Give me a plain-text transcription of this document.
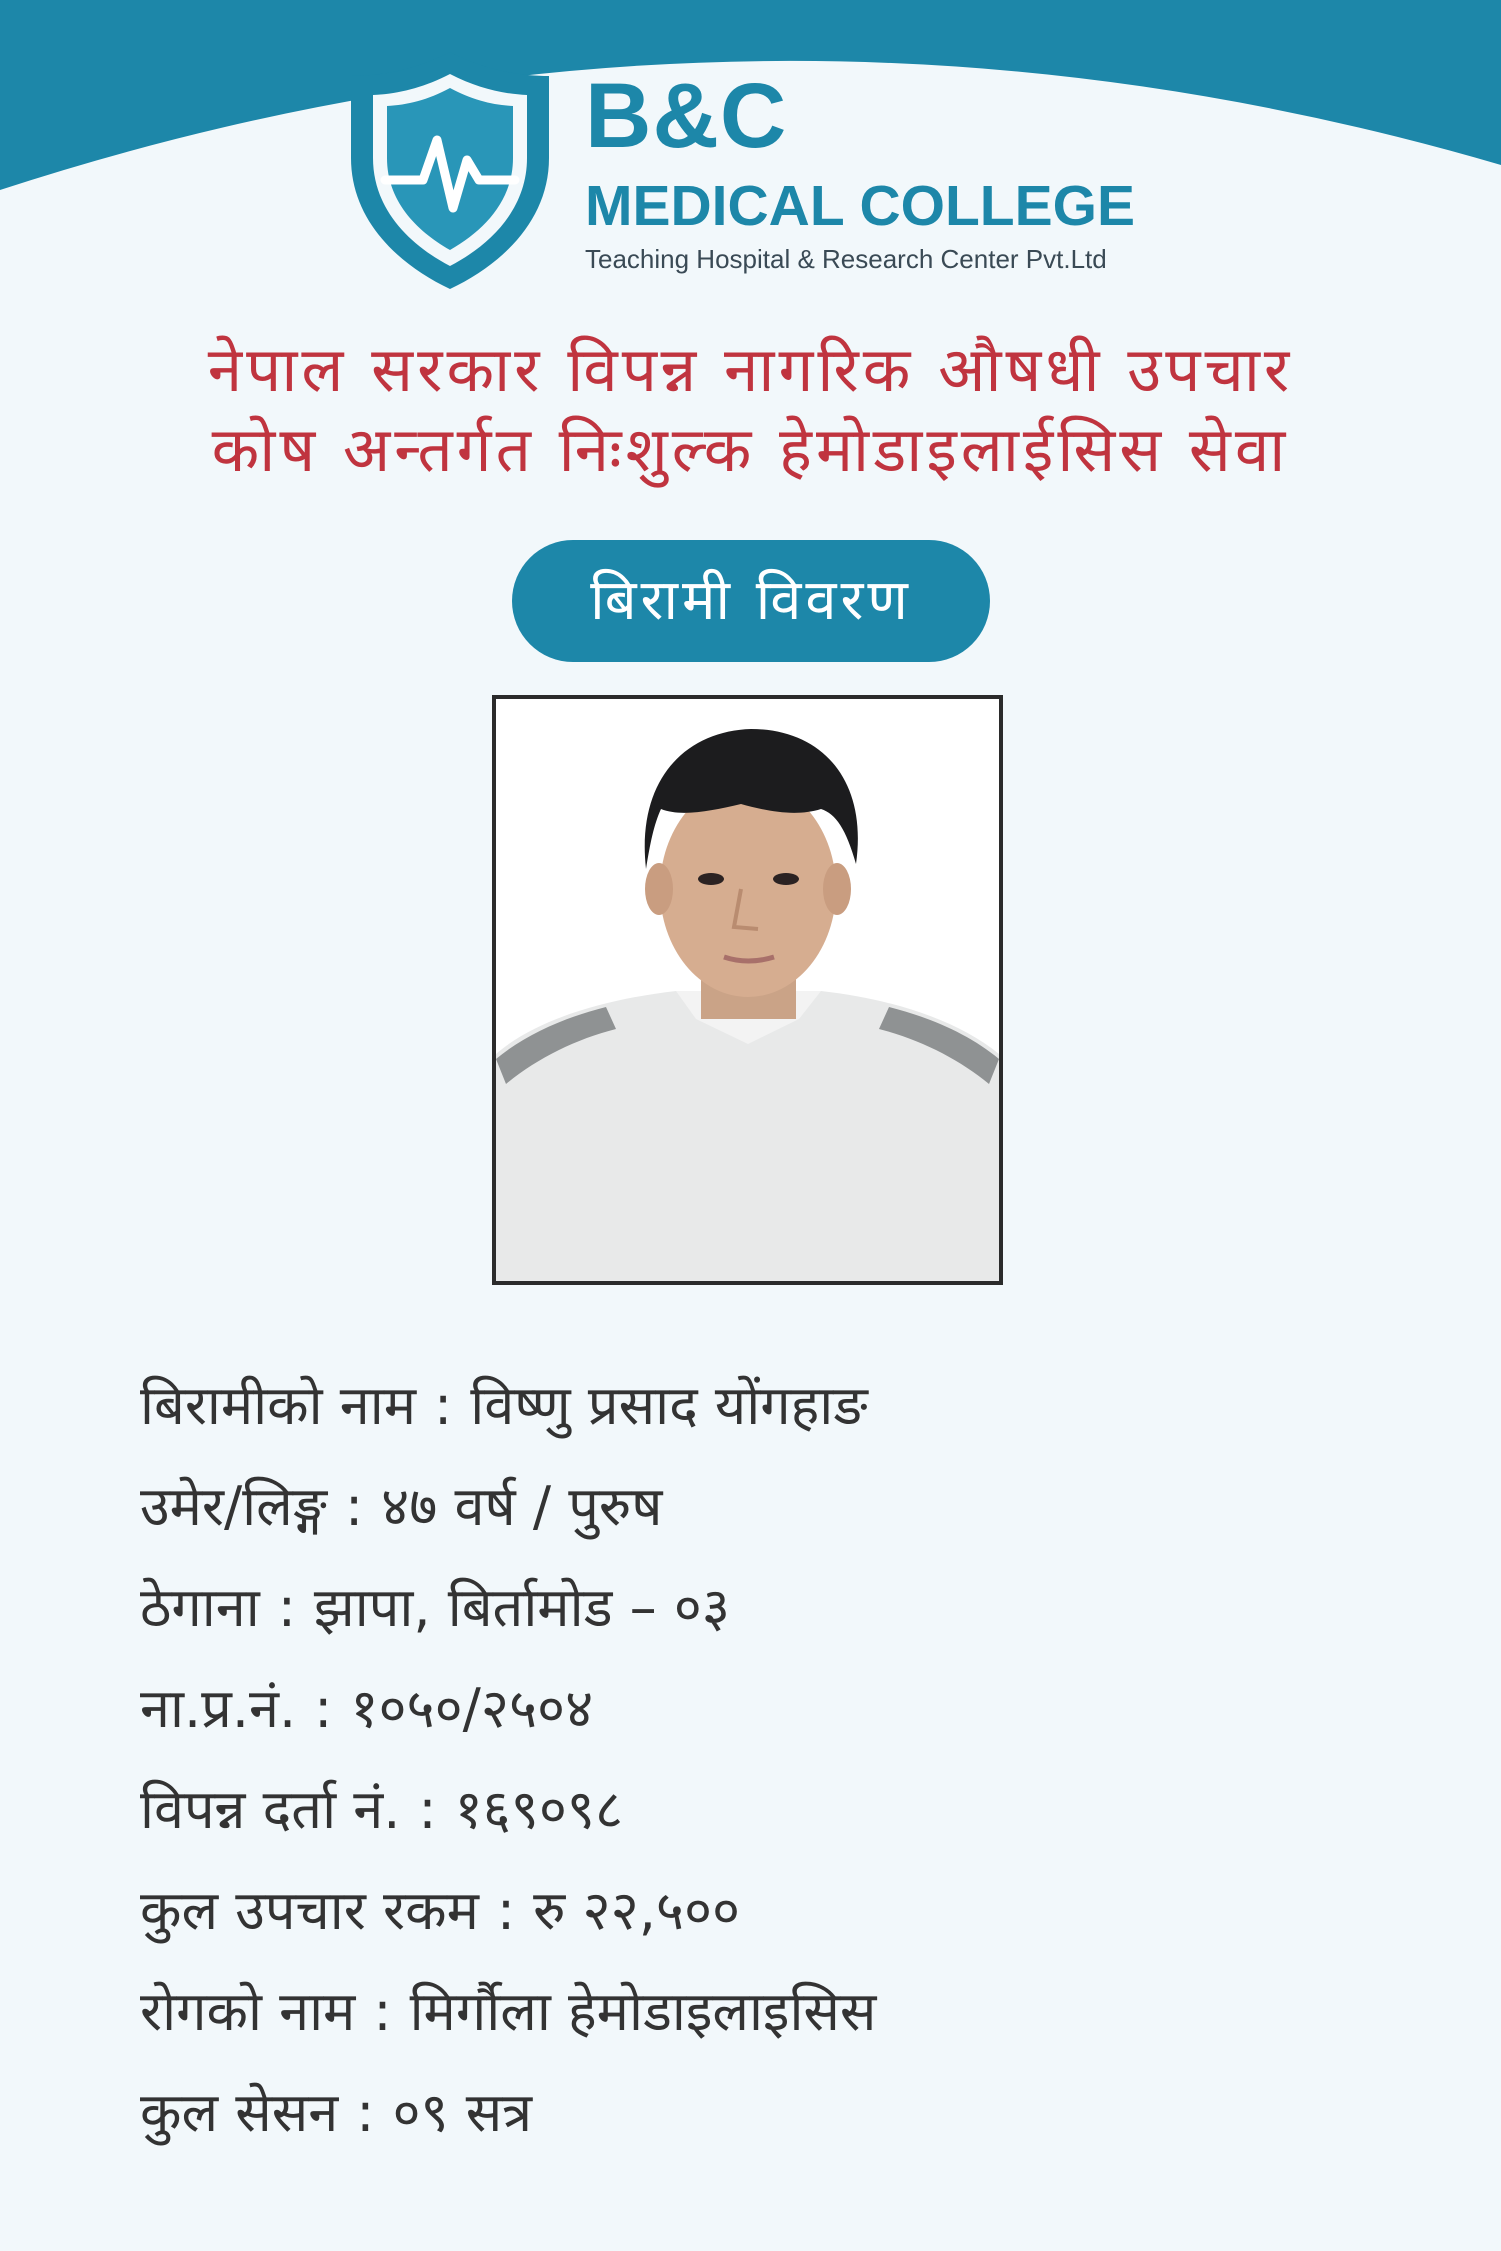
B&C
MEDICAL COLLEGE
Teaching Hospital & Research Center Pvt.Ltd
नेपाल सरकार विपन्न नागरिक औषधी उपचार
कोष अन्तर्गत निःशुल्क हेमोडाइलाईसिस सेवा
बिरामी विवरण
बिरामीको नाम : विष्णु प्रसाद योंगहाङ
उमेर/लिङ्ग : ४७ वर्ष / पुरुष
ठेगाना : झापा, बिर्तामोड – ०३
ना.प्र.नं. : १०५०/२५०४
विपन्न दर्ता नं. : १६९०९८
कुल उपचार रकम : रु २२,५००
रोगको नाम : मिर्गौला हेमोडाइलाइसिस
कुल सेसन : ०९ सत्र
